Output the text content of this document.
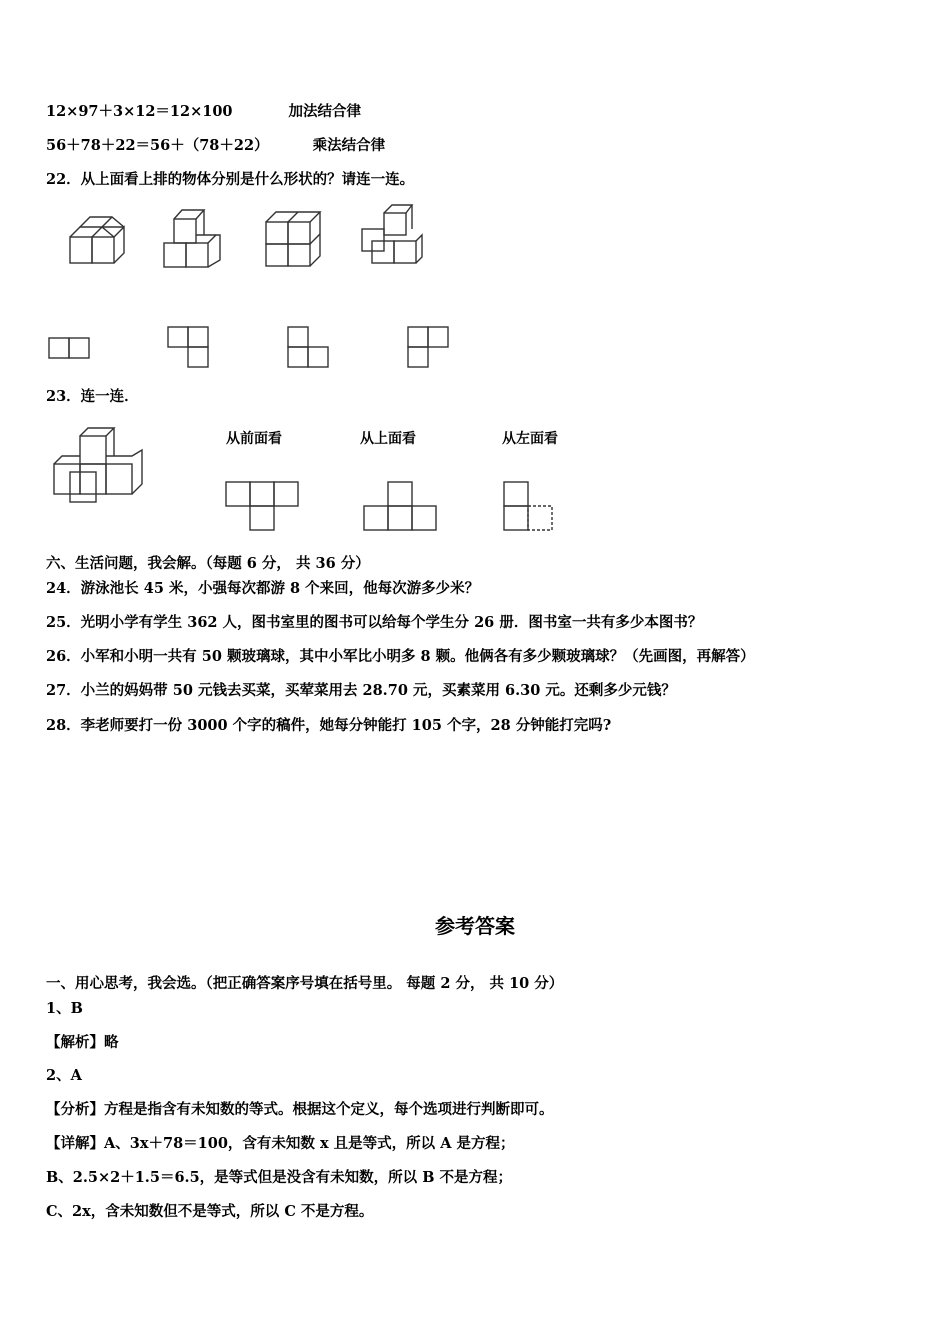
12×97＋3×12＝12×100	加法结合律
56＋78＋22＝56＋（78＋22）	乘法结合律
22．从上面看上排的物体分别是什么形状的？请连一连。
23．连一连．
从前面看	从上面看	从左面看
六、生活问题，我会解。（每题 6 分， 共 36 分）
24．游泳池长 45 米，小强每次都游 8 个来回，他每次游多少米？
25．光明小学有学生 362 人，图书室里的图书可以给每个学生分 26 册．图书室一共有多少本图书？
26．小军和小明一共有 50 颗玻璃球，其中小军比小明多 8 颗。他俩各有多少颗玻璃球？（先画图，再解答）
27．小兰的妈妈带 50 元钱去买菜，买荤菜用去 28.70 元，买素菜用 6.30 元。还剩多少元钱？
28．李老师要打一份 3000 个字的稿件，她每分钟能打 105 个字，28 分钟能打完吗?
参考答案
一、用心思考，我会选。（把正确答案序号填在括号里。 每题 2 分， 共 10 分）
1、B
【解析】略
2、A
【分析】方程是指含有未知数的等式。根据这个定义，每个选项进行判断即可。
【详解】A、3x＋78＝100，含有未知数 x 且是等式，所以 A 是方程；
B、2.5×2＋1.5＝6.5，是等式但是没含有未知数，所以 B 不是方程；
C、2x，含未知数但不是等式，所以 C 不是方程。
